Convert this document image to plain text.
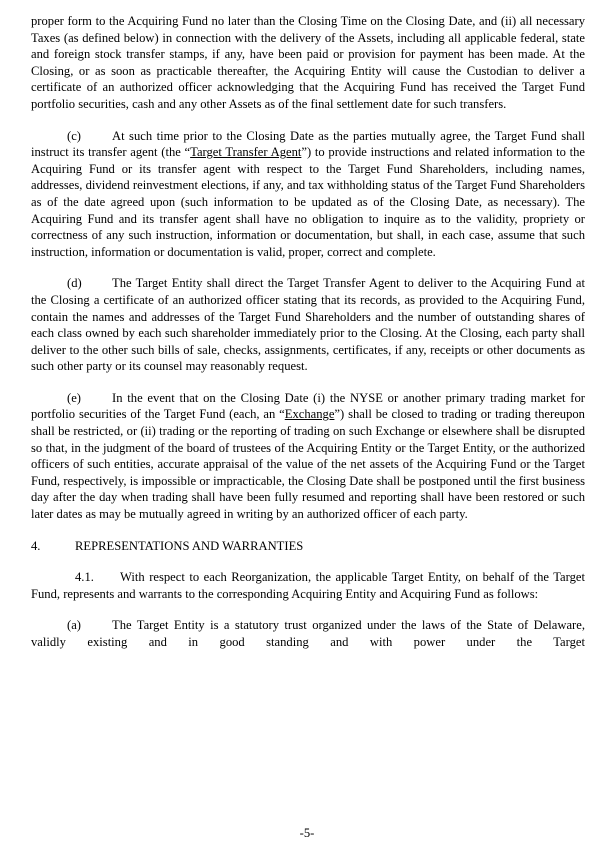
proper form to the Acquiring Fund no later than the Closing Time on the Closing Date, and (ii) all necessary Taxes (as defined below) in connection with the delivery of the Assets, including all applicable federal, state and foreign stock transfer stamps, if any, have been paid or provision for payment has been made. At the Closing, or as soon as practicable thereafter, the Acquiring Entity will cause the Custodian to deliver a certificate of an authorized officer acknowledging that the Acquiring Fund has received the Target Fund portfolio securities, cash and any other Assets as of the final settlement date for such transfers.

(c) At such time prior to the Closing Date as the parties mutually agree, the Target Fund shall instruct its transfer agent (the “Target Transfer Agent”) to provide instructions and related information to the Acquiring Fund or its transfer agent with respect to the Target Fund Shareholders, including names, addresses, dividend reinvestment elections, if any, and tax withholding status of the Target Fund Shareholders as of the date agreed upon (such information to be updated as of the Closing Date, as necessary). The Acquiring Fund and its transfer agent shall have no obligation to inquire as to the validity, propriety or correctness of any such instruction, information or documentation, but shall, in each case, assume that such instruction, information or documentation is valid, proper, correct and complete.

(d) The Target Entity shall direct the Target Transfer Agent to deliver to the Acquiring Fund at the Closing a certificate of an authorized officer stating that its records, as provided to the Acquiring Fund, contain the names and addresses of the Target Fund Shareholders and the number of outstanding shares of each class owned by each such shareholder immediately prior to the Closing. At the Closing, each party shall deliver to the other such bills of sale, checks, assignments, certificates, if any, receipts or other documents as such other party or its counsel may reasonably request.

(e) In the event that on the Closing Date (i) the NYSE or another primary trading market for portfolio securities of the Target Fund (each, an “Exchange”) shall be closed to trading or trading thereupon shall be restricted, or (ii) trading or the reporting of trading on such Exchange or elsewhere shall be disrupted so that, in the judgment of the board of trustees of the Acquiring Entity or the Target Entity, or the authorized officers of such entities, accurate appraisal of the value of the net assets of the Acquiring Fund or the Target Fund, respectively, is impossible or impracticable, the Closing Date shall be postponed until the first business day after the day when trading shall have been fully resumed and reporting shall have been restored or such later dates as may be mutually agreed in writing by an authorized officer of each party.

4.	REPRESENTATIONS AND WARRANTIES

4.1. With respect to each Reorganization, the applicable Target Entity, on behalf of the Target Fund, represents and warrants to the corresponding Acquiring Entity and Acquiring Fund as follows:

(a) The Target Entity is a statutory trust organized under the laws of the State of Delaware, validly existing and in good standing and with power under the Target

-5-
